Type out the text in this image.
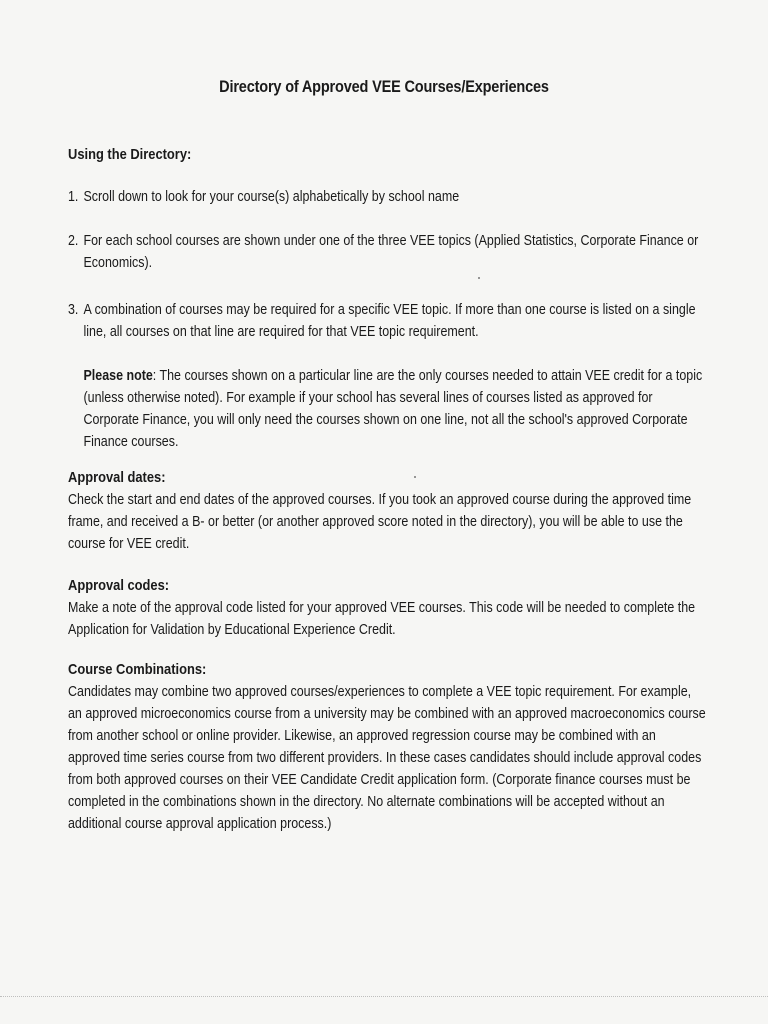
Directory of Approved VEE Courses/Experiences

Using the Directory:

1. Scroll down to look for your course(s) alphabetically by school name
2. For each school courses are shown under one of the three VEE topics (Applied Statistics, Corporate Finance or Economics).
3. A combination of courses may be required for a specific VEE topic. If more than one course is listed on a single line, all courses on that line are required for that VEE topic requirement.

Please note: The courses shown on a particular line are the only courses needed to attain VEE credit for a topic (unless otherwise noted). For example if your school has several lines of courses listed as approved for Corporate Finance, you will only need the courses shown on one line, not all the school's approved Corporate Finance courses.

Approval dates:

Check the start and end dates of the approved courses. If you took an approved course during the approved time frame, and received a B- or better (or another approved score noted in the directory), you will be able to use the course for VEE credit.

Approval codes:

Make a note of the approval code listed for your approved VEE courses. This code will be needed to complete the Application for Validation by Educational Experience Credit.

Course Combinations:

Candidates may combine two approved courses/experiences to complete a VEE topic requirement. For example, an approved microeconomics course from a university may be combined with an approved macroeconomics course from another school or online provider. Likewise, an approved regression course may be combined with an approved time series course from two different providers. In these cases candidates should include approval codes from both approved courses on their VEE Candidate Credit application form. (Corporate finance courses must be completed in the combinations shown in the directory. No alternate combinations will be accepted without an additional course approval application process.)
